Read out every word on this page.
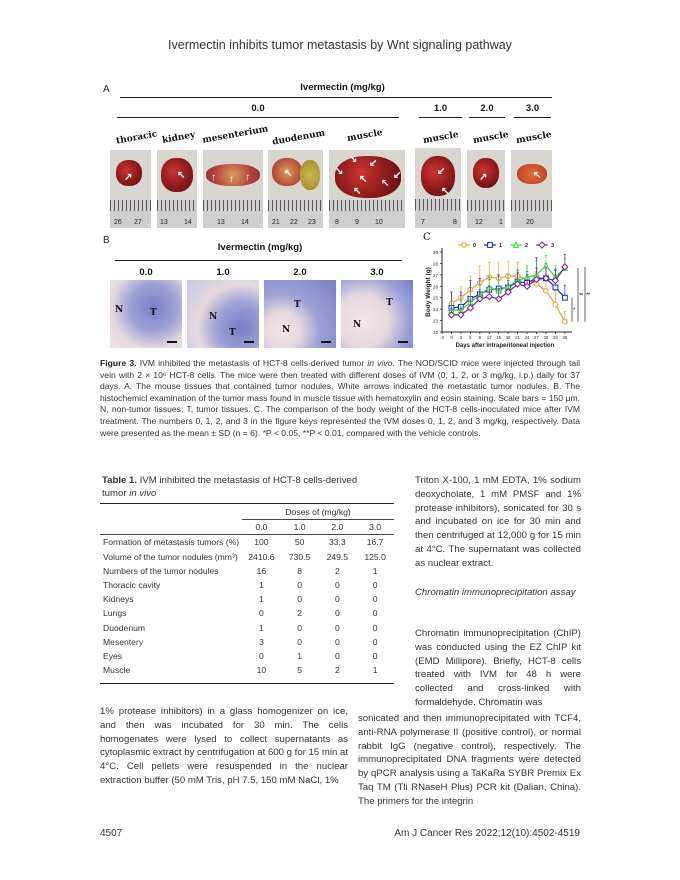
Ivermectin inhibits tumor metastasis by Wnt signaling pathway
A	Ivermectin (mg/kg)
0.0	1.0	2.0	3.0
thoracic kidney mesenterium duodenum muscle	muscle muscle muscle
↗
26 27
↖
13 14
↑ ↑ ↑
13 14
↖
21 22 23
↘ ↙
↘
↖ ↖
↙
↖
8 9 10
↙
↖
7	8
↗
12 1
↖
20
B
Ivermectin (mg/kg)
0.0	1.0	2.0	3.0
N	T	N
T
T
N	N
T
C
22
23
24
25
26
27
28
29
-3 0 3 6 9 12 15 18 21 24 27 30 33 36
Days after intraperitoneal injection
Body Weight (g)
0	1	2	3
*
** **
Figure 3. IVM inhibited the metastasis of HCT-8 cells-derived tumor in vivo. The NOD/SCID mice were injected through tail vein with 2 × 10⁶ HCT-8 cells. The mice were then treated with different doses of IVM (0, 1, 2, or 3 mg/kg, i.p.) daily for 37 days. A. The mouse tissues that contained tumor nodules. White arrows indicated the metastatic tumor nodules. B. The histochemicl examination of the tumor mass found in muscle tissue with hematoxylin and eosin staining. Scale bars = 150 μm. N, non-tumor tissues; T, tumor tissues. C. The comparison of the body weight of the HCT-8 cells-inoculated mice after IVM treatment. The numbers 0, 1, 2, and 3 in the figure keys represented the IVM doses 0, 1, 2, and 3 mg/kg, respectively. Data were presented as the mean ± SD (n = 6). *P < 0.05, **P < 0.01, compared with the vehicle controls.
Table 1. IVM inhibited the metastasis of HCT-8 cells-derived tumor in vivo
	Doses of (mg/kg)			
	0.0	1.0	2.0	3.0
Formation of metastasis tumors (%)	100	50	33.3	16.7
Volume of the tumor nodules (mm³)	2410.6	730.5	249.5	125.0
Numbers of the tumor nodules	16	8	2	1
Thoracic cavity	1	0	0	0
Kidneys	1	0	0	0
Lungs	0	2	0	0
Duodenum	1	0	0	0
Mesentery	3	0	0	0
Eyes	0	1	0	0
Muscle	10	5	2	1
Triton X-100, 1 mM EDTA, 1% sodium deoxycholate, 1 mM PMSF and 1% protease inhibitors), sonicated for 30 s and incubated on ice for 30 min and then centrifuged at 12,000 g for 15 min at 4°C. The supernatant was collected as nuclear extract.
Chromatin immunoprecipitation assay
Chromatin immunoprecipitation (ChIP) was conducted using the EZ ChIP kit (EMD Millipore). Briefly, HCT-8 cells treated with IVM for 48 h were collected and cross-linked with formaldehyde. Chromatin was
1% protease inhibitors) in a glass homogenizer on ice, and then was incubated for 30 min. The cells homogenates were lysed to collect supernatants as cytoplasmic extract by centrifugation at 600 g for 15 min at 4°C. Cell pellets were resuspended in the nuclear extraction buffer (50 mM Tris, pH 7.5, 150 mM NaCl, 1%
sonicated and then immunoprecipitated with TCF4, anti-RNA polymerase II (positive control), or normal rabbit IgG (negative control), respectively. The immunoprecipitated DNA fragments were detected by qPCR analysis using a TaKaRa SYBR Premix Ex Taq TM (Tli RNaseH Plus) PCR kit (Dalian, China). The primers for the integrin
4507	Am J Cancer Res 2022;12(10):4502-4519
